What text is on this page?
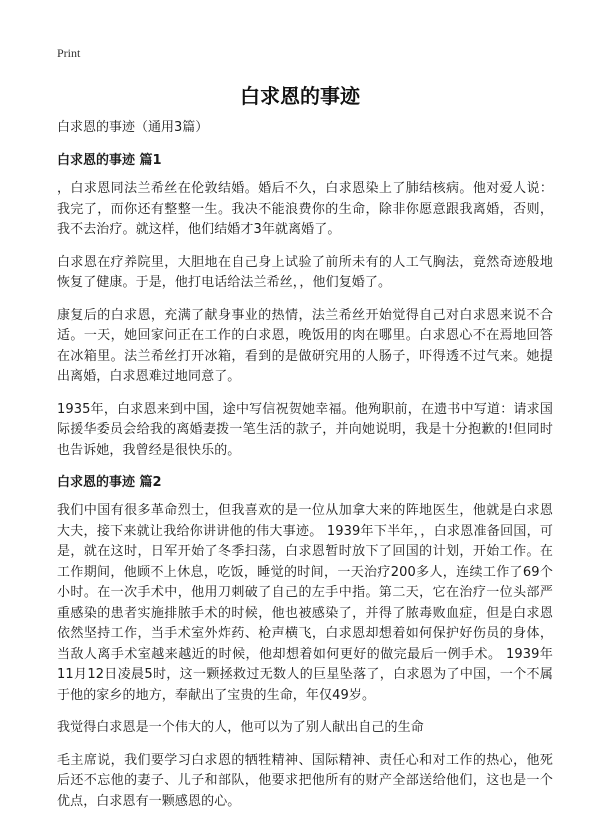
Print
白求恩的事迹

白求恩的事迹（通用3篇）

白求恩的事迹 篇1

，白求恩同法兰希丝在伦敦结婚。婚后不久，白求恩染上了肺结核病。他对爱人说：我完了，而你还有整整一生。我决不能浪费你的生命，除非你愿意跟我离婚，否则，我不去治疗。就这样，他们结婚才3年就离婚了。

白求恩在疗养院里，大胆地在自己身上试验了前所未有的人工气胸法，竟然奇迹般地恢复了健康。于是，他打电话给法兰希丝，，他们复婚了。

康复后的白求恩，充满了献身事业的热情，法兰希丝开始觉得自己对白求恩来说不合适。一天，她回家问正在工作的白求恩，晚饭用的肉在哪里。白求恩心不在焉地回答在冰箱里。法兰希丝打开冰箱，看到的是做研究用的人肠子，吓得透不过气来。她提出离婚，白求恩难过地同意了。

1935年，白求恩来到中国，途中写信祝贺她幸福。他殉职前，在遗书中写道：请求国际援华委员会给我的离婚妻拨一笔生活的款子，并向她说明，我是十分抱歉的!但同时也告诉她，我曾经是很快乐的。

白求恩的事迹 篇2

我们中国有很多革命烈士，但我喜欢的是一位从加拿大来的阵地医生，他就是白求恩大夫，接下来就让我给你讲讲他的伟大事迹。 1939年下半年，，白求恩准备回国，可是，就在这时，日军开始了冬季扫荡，白求恩暂时放下了回国的计划，开始工作。在工作期间，他顾不上休息，吃饭，睡觉的时间，一天治疗200多人，连续工作了69个小时。在一次手术中，他用刀刺破了自己的左手中指。第二天，它在治疗一位头部严重感染的患者实施排脓手术的时候，他也被感染了，并得了脓毒败血症，但是白求恩依然坚持工作，当手术室外炸药、枪声横飞，白求恩却想着如何保护好伤员的身体，当敌人离手术室越来越近的时候，他却想着如何更好的做完最后一例手术。 1939年11月12日凌晨5时，这一颗拯救过无数人的巨星坠落了，白求恩为了中国，一个不属于他的家乡的地方，奉献出了宝贵的生命，年仅49岁。

我觉得白求恩是一个伟大的人，他可以为了别人献出自己的生命

毛主席说，我们要学习白求恩的牺牲精神、国际精神、责任心和对工作的热心，他死后还不忘他的妻子、儿子和部队，他要求把他所有的财产全部送给他们，这也是一个优点，白求恩有一颗感恩的心。
